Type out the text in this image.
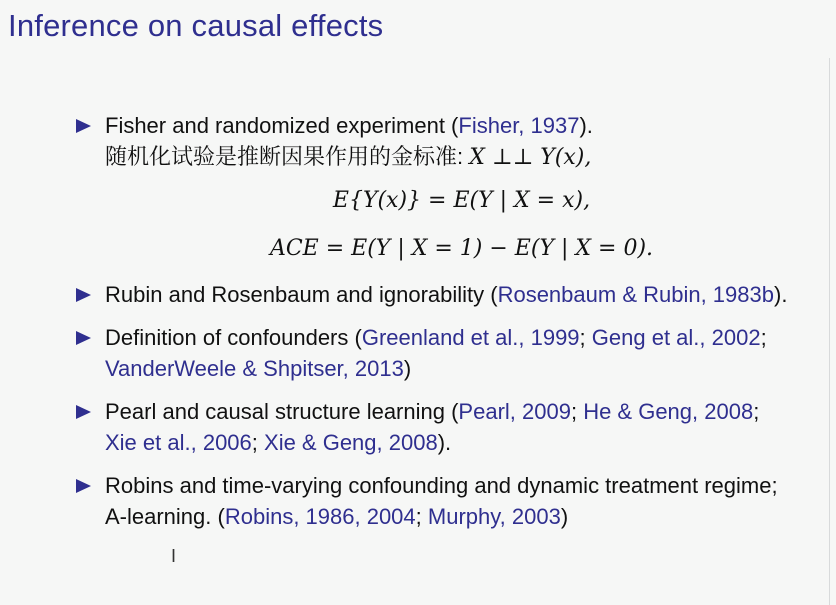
Inference on causal effects
Fisher and randomized experiment (Fisher, 1937).
随机化试验是推断因果作用的金标准: X ⊥⊥ Y(x),
E{Y(x)} = E(Y | X = x),
ACE = E(Y | X = 1) − E(Y | X = 0).
Rubin and Rosenbaum and ignorability (Rosenbaum & Rubin, 1983b).
Definition of confounders (Greenland et al., 1999; Geng et al., 2002;
VanderWeele & Shpitser, 2013)
Pearl and causal structure learning (Pearl, 2009; He & Geng, 2008;
Xie et al., 2006; Xie & Geng, 2008).
Robins and time-varying confounding and dynamic treatment regime;
A-learning. (Robins, 1986, 2004; Murphy, 2003)
Ι
